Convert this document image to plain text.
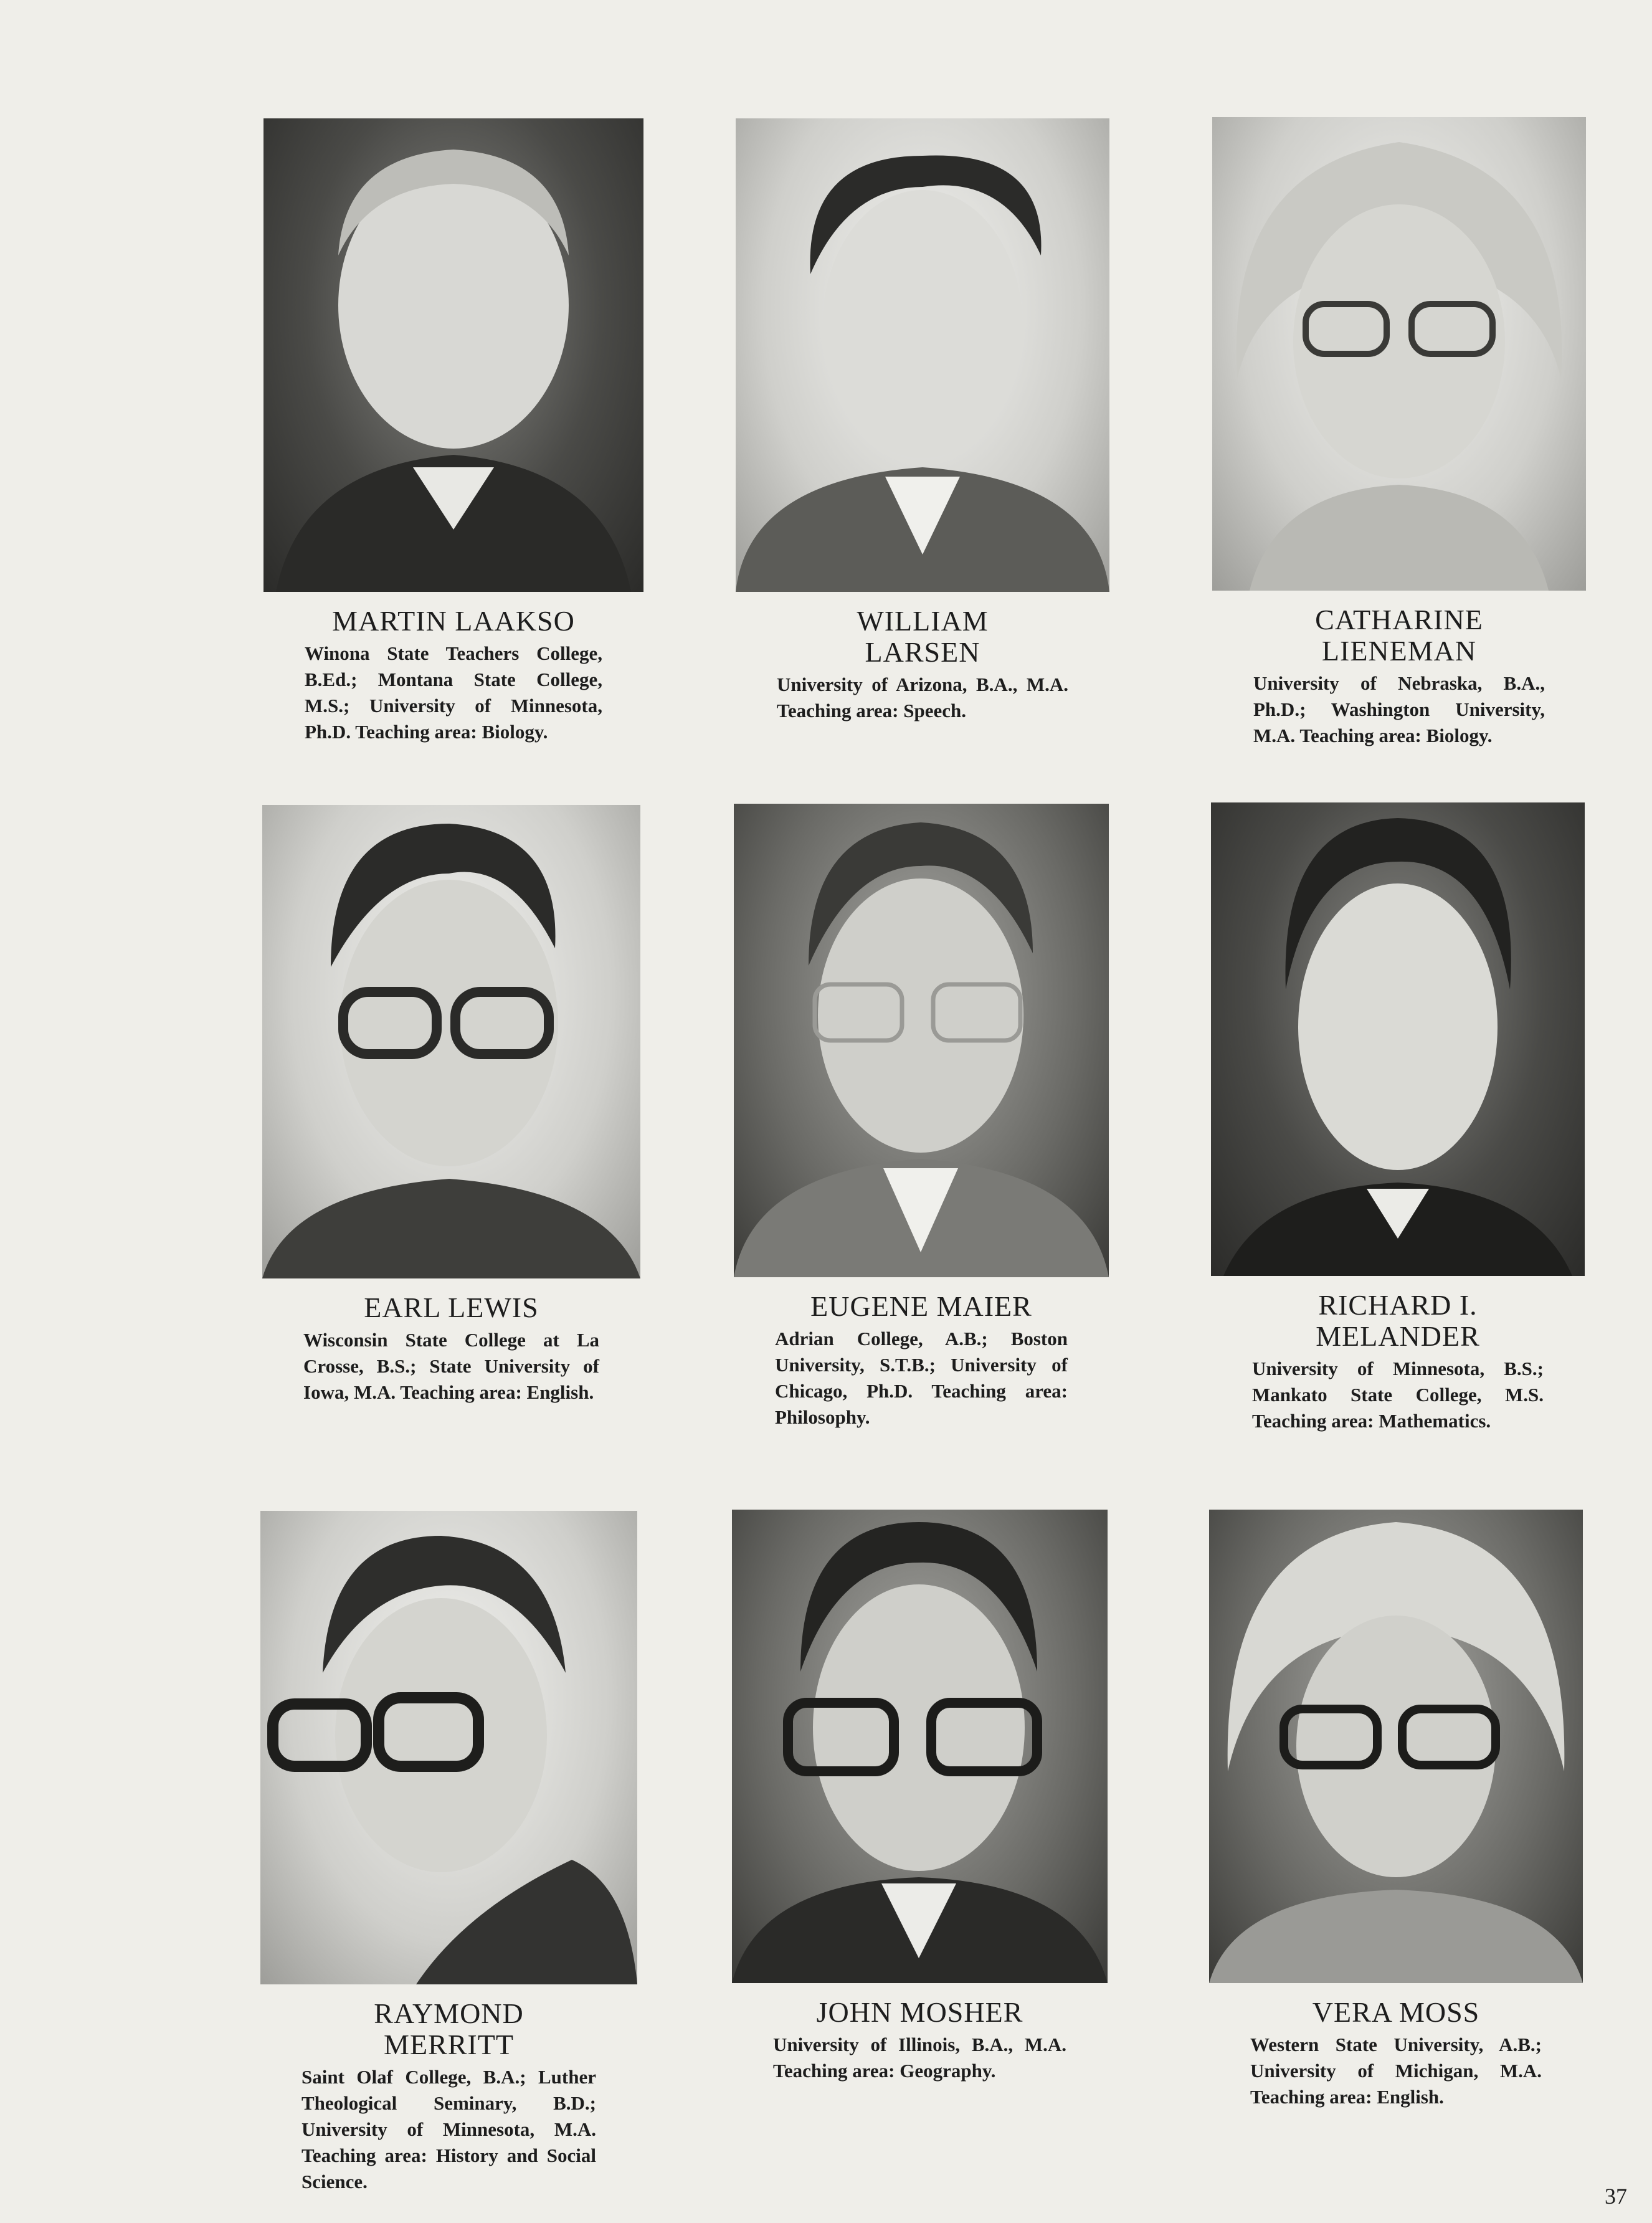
MARTIN LAAKSO
Winona State Teachers College, B.Ed.; Montana State College, M.S.; University of Minnesota, Ph.D. Teaching area: Biology.
WILLIAM
LARSEN
University of Arizona, B.A., M.A. Teaching area: Speech.
CATHARINE
LIENEMAN
University of Nebraska, B.A., Ph.D.; Washington University, M.A. Teaching area: Biology.
EARL LEWIS
Wisconsin State College at La Crosse, B.S.; State University of Iowa, M.A. Teaching area: English.
EUGENE MAIER
Adrian College, A.B.; Boston University, S.T.B.; University of Chicago, Ph.D. Teaching area: Philosophy.
RICHARD I.
MELANDER
University of Minnesota, B.S.; Mankato State College, M.S. Teaching area: Mathematics.
RAYMOND
MERRITT
Saint Olaf College, B.A.; Luther Theological Seminary, B.D.; University of Minnesota, M.A. Teaching area: History and Social Science.
JOHN MOSHER
University of Illinois, B.A., M.A. Teaching area: Geography.
VERA MOSS
Western State University, A.B.; University of Michigan, M.A. Teaching area: English.
37
